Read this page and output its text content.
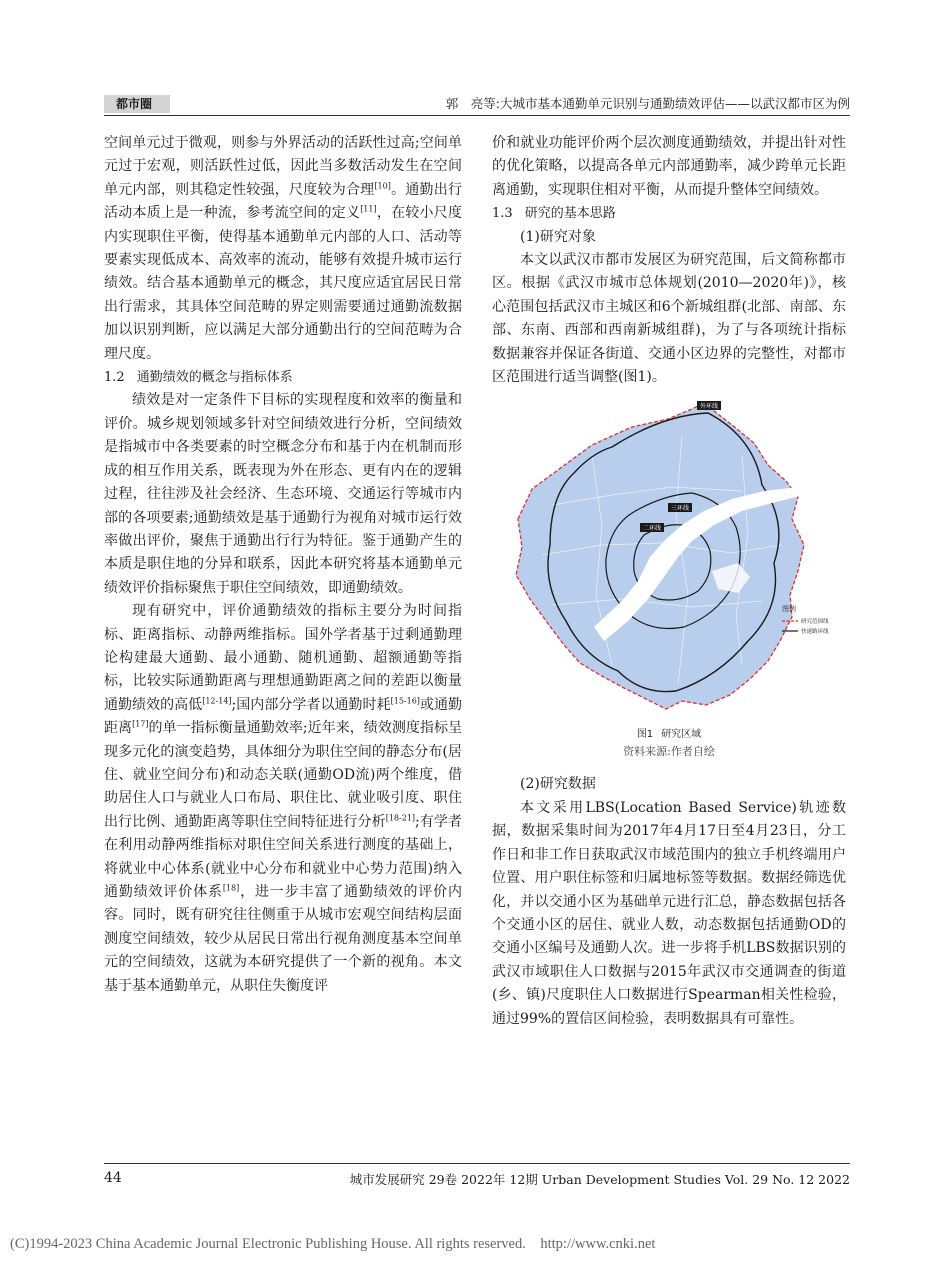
都市圈	郭　亮等:大城市基本通勤单元识别与通勤绩效评估——以武汉都市区为例

空间单元过于微观，则参与外界活动的活跃性过高;空间单元过于宏观，则活跃性过低，因此当多数活动发生在空间单元内部，则其稳定性较强，尺度较为合理[10]。通勤出行活动本质上是一种流，参考流空间的定义[11]，在较小尺度内实现职住平衡，使得基本通勤单元内部的人口、活动等要素实现低成本、高效率的流动，能够有效提升城市运行绩效。结合基本通勤单元的概念，其尺度应适宜居民日常出行需求，其具体空间范畴的界定则需要通过通勤流数据加以识别判断，应以满足大部分通勤出行的空间范畴为合理尺度。

1.2 通勤绩效的概念与指标体系

绩效是对一定条件下目标的实现程度和效率的衡量和评价。城乡规划领域多针对空间绩效进行分析，空间绩效是指城市中各类要素的时空概念分布和基于内在机制而形成的相互作用关系，既表现为外在形态、更有内在的逻辑过程，往往涉及社会经济、生态环境、交通运行等城市内部的各项要素;通勤绩效是基于通勤行为视角对城市运行效率做出评价，聚焦于通勤出行行为特征。鉴于通勤产生的本质是职住地的分异和联系，因此本研究将基本通勤单元绩效评价指标聚焦于职住空间绩效，即通勤绩效。

现有研究中，评价通勤绩效的指标主要分为时间指标、距离指标、动静两维指标。国外学者基于过剩通勤理论构建最大通勤、最小通勤、随机通勤、超额通勤等指标，比较实际通勤距离与理想通勤距离之间的差距以衡量通勤绩效的高低[12-14];国内部分学者以通勤时耗[15-16]或通勤距离[17]的单一指标衡量通勤效率;近年来，绩效测度指标呈现多元化的演变趋势，具体细分为职住空间的静态分布(居住、就业空间分布)和动态关联(通勤OD流)两个维度，借助居住人口与就业人口布局、职住比、就业吸引度、职住出行比例、通勤距离等职住空间特征进行分析[18-21];有学者在利用动静两维指标对职住空间关系进行测度的基础上，将就业中心体系(就业中心分布和就业中心势力范围)纳入通勤绩效评价体系[18]，进一步丰富了通勤绩效的评价内容。同时，既有研究往往侧重于从城市宏观空间结构层面测度空间绩效，较少从居民日常出行视角测度基本空间单元的空间绩效，这就为本研究提供了一个新的视角。本文基于基本通勤单元，从职住失衡度评

价和就业功能评价两个层次测度通勤绩效，并提出针对性的优化策略，以提高各单元内部通勤率，减少跨单元长距离通勤，实现职住相对平衡，从而提升整体空间绩效。

1.3 研究的基本思路

(1)研究对象

本文以武汉市都市发展区为研究范围，后文简称都市区。根据《武汉市城市总体规划(2010—2020年)》，核心范围包括武汉市主城区和6个新城组群(北部、南部、东部、东南、西部和西南新城组群)，为了与各项统计指标数据兼容并保证各街道、交通小区边界的完整性，对都市区范围进行适当调整(图1)。

外环线
三环线
二环线
图例
研究范围线
快速路环线
图1 研究区域
资料来源:作者自绘

(2)研究数据

本文采用LBS(Location Based Service)轨迹数据，数据采集时间为2017年4月17日至4月23日，分工作日和非工作日获取武汉市域范围内的独立手机终端用户位置、用户职住标签和归属地标签等数据。数据经筛选优化，并以交通小区为基础单元进行汇总，静态数据包括各个交通小区的居住、就业人数，动态数据包括通勤OD的交通小区编号及通勤人次。进一步将手机LBS数据识别的武汉市域职住人口数据与2015年武汉市交通调查的街道(乡、镇)尺度职住人口数据进行Spearman相关性检验，通过99%的置信区间检验，表明数据具有可靠性。

44	城市发展研究 29卷 2022年 12期 Urban Development Studies Vol. 29 No. 12 2022
(C)1994-2023 China Academic Journal Electronic Publishing House. All rights reserved.    http://www.cnki.net
